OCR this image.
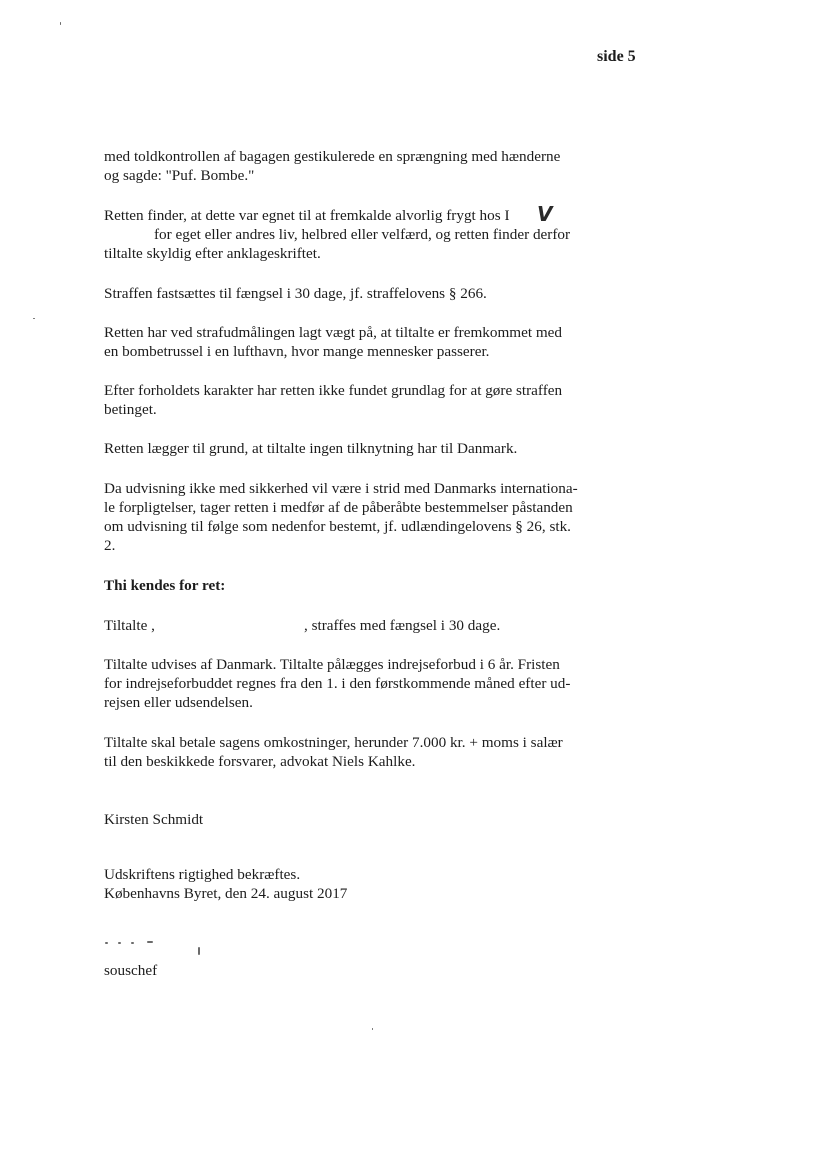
side 5
med toldkontrollen af bagagen gestikulerede en sprængning med hænderne
og sagde: "Puf. Bombe."
Retten finder, at dette var egnet til at fremkalde alvorlig frygt hos I V
for eget eller andres liv, helbred eller velfærd, og retten finder derfor
tiltalte skyldig efter anklageskriftet.
Straffen fastsættes til fængsel i 30 dage, jf. straffelovens § 266.
Retten har ved strafudmålingen lagt vægt på, at tiltalte er fremkommet med
en bombetrussel i en lufthavn, hvor mange mennesker passerer.
Efter forholdets karakter har retten ikke fundet grundlag for at gøre straffen
betinget.
Retten lægger til grund, at tiltalte ingen tilknytning har til Danmark.
Da udvisning ikke med sikkerhed vil være i strid med Danmarks internationa-
le forpligtelser, tager retten i medfør af de påberåbte bestemmelser påstanden
om udvisning til følge som nedenfor bestemt, jf. udlændingelovens § 26, stk.
2.
Thi kendes for ret:
Tiltalte ,	, straffes med fængsel i 30 dage.
Tiltalte udvises af Danmark. Tiltalte pålægges indrejseforbud i 6 år. Fristen
for indrejseforbuddet regnes fra den 1. i den førstkommende måned efter ud-
rejsen eller udsendelsen.
Tiltalte skal betale sagens omkostninger, herunder 7.000 kr. + moms i salær
til den beskikkede forsvarer, advokat Niels Kahlke.
Kirsten Schmidt
Udskriftens rigtighed bekræftes.
Københavns Byret, den 24. august 2017
souschef
